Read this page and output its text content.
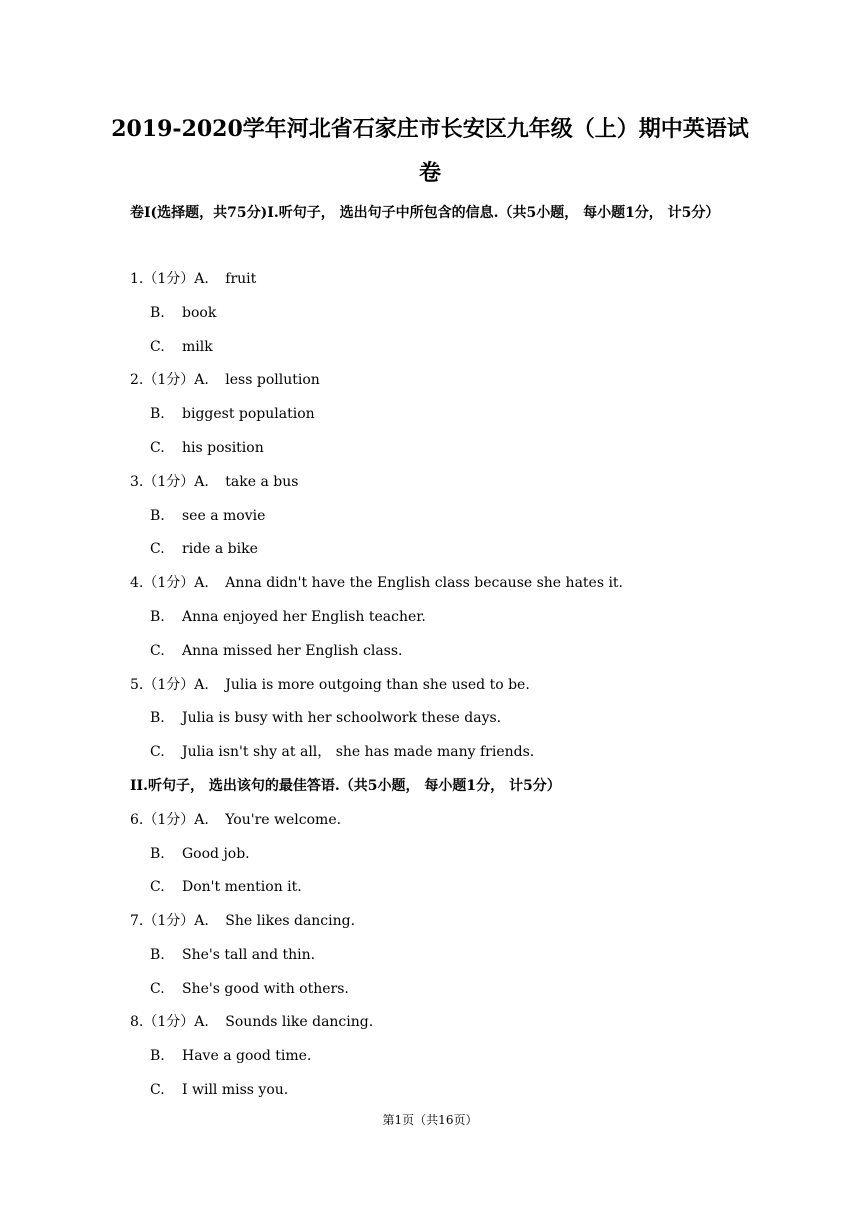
2019-2020学年河北省石家庄市长安区九年级（上）期中英语试
卷
卷I(选择题，共75分)I.听句子， 选出句子中所包含的信息.（共5小题， 每小题1分， 计5分）
1.（1分）A. fruit
B. book
C. milk
2.（1分）A. less pollution
B. biggest population
C. his position
3.（1分）A. take a bus
B. see a movie
C. ride a bike
4.（1分）A. Anna didn't have the English class because she hates it.
B. Anna enjoyed her English teacher.
C. Anna missed her English class.
5.（1分）A. Julia is more outgoing than she used to be.
B. Julia is busy with her schoolwork these days.
C. Julia isn't shy at all， she has made many friends.
II.听句子， 选出该句的最佳答语.（共5小题， 每小题1分， 计5分）
6.（1分）A. You're welcome.
B. Good job.
C. Don't mention it.
7.（1分）A. She likes dancing.
B. She's tall and thin.
C. She's good with others.
8.（1分）A. Sounds like dancing.
B. Have a good time.
C. I will miss you.
第1页（共16页）
